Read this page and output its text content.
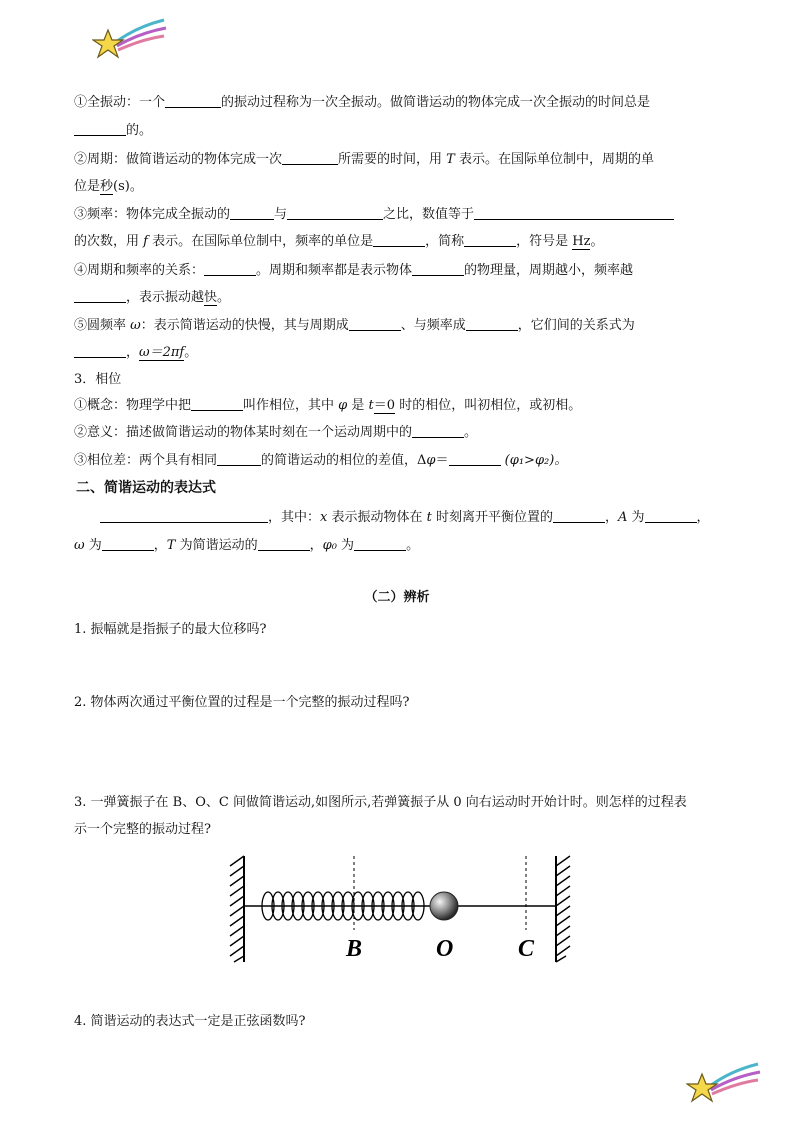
①全振动：一个	的振动过程称为一次全振动。做简谐运动的物体完成一次全振动的时间总是
的。
②周期：做简谐运动的物体完成一次	所需要的时间，用 T 表示。在国际单位制中，周期的单
位是秒(s)。
③频率：物体完成全振动的	与	之比，数值等于
的次数，用 f 表示。在国际单位制中，频率的单位是	，简称	，符号是 Hz。
④周期和频率的关系：	。周期和频率都是表示物体	的物理量，周期越小，频率越
，表示振动越快。
⑤圆频率 ω：表示简谐运动的快慢，其与周期成	、与频率成	，它们间的关系式为
，ω＝2πf。
3．相位
①概念：物理学中把	叫作相位，其中 φ 是 t＝0 时的相位，叫初相位，或初相。
②意义：描述做简谐运动的物体某时刻在一个运动周期中的	。
③相位差：两个具有相同	的简谐运动的相位的差值，Δφ＝	(φ₁>φ₂)。
二、简谐运动的表达式
，其中：x 表示振动物体在 t 时刻离开平衡位置的	，A 为	，
ω 为	，T 为简谐运动的	，φ₀ 为	。
（二）辨析
1. 振幅就是指振子的最大位移吗?
2. 物体两次通过平衡位置的过程是一个完整的振动过程吗?
3. 一弹簧振子在 B、O、C 间做简谐运动,如图所示,若弹簧振子从 0 向右运动时开始计时。则怎样的过程表
示一个完整的振动过程?
B	O	C
4. 简谐运动的表达式一定是正弦函数吗?
